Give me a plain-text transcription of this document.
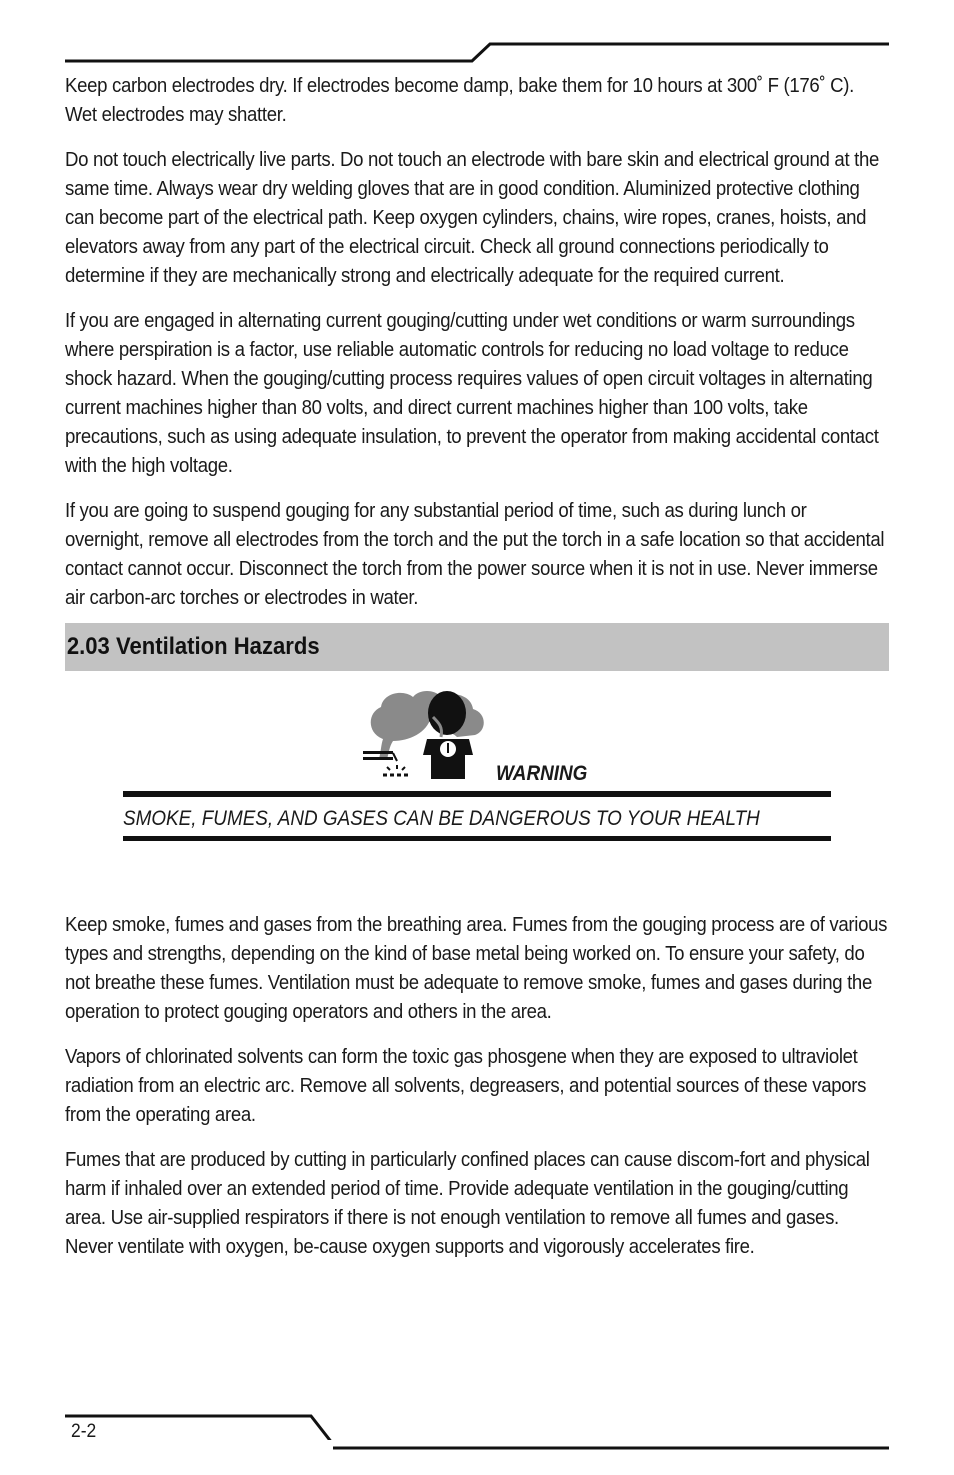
Keep carbon electrodes dry. If electrodes become damp, bake them for 10 hours at 300˚ F (176˚ C). Wet electrodes may shatter.

Do not touch electrically live parts. Do not touch an electrode with bare skin and electrical ground at the same time. Always wear dry welding gloves that are in good condition. Aluminized protective clothing can become part of the electrical path. Keep oxygen cylinders, chains, wire ropes, cranes, hoists, and elevators away from any part of the electrical circuit. Check all ground connections periodically to determine if they are mechanically strong and electrically adequate for the required current.

If you are engaged in alternating current gouging/cutting under wet conditions or warm surroundings where perspiration is a factor, use reliable automatic controls for reducing no load voltage to reduce shock hazard. When the gouging/cutting process requires values of open circuit voltages in alternating current machines higher than 80 volts, and direct current machines higher than 100 volts, take precautions, such as using adequate insulation, to prevent the operator from making accidental contact with the high voltage.

If you are going to suspend gouging for any substantial period of time, such as during lunch or overnight, remove all electrodes from the torch and the put the torch in a safe location so that accidental contact cannot occur. Disconnect the torch from the power source when it is not in use. Never immerse air carbon-arc torches or electrodes in water.

2.03 Ventilation Hazards
WARNING
SMOKE, FUMES, AND GASES CAN BE DANGEROUS TO YOUR HEALTH

Keep smoke, fumes and gases from the breathing area. Fumes from the gouging process are of various types and strengths, depending on the kind of base metal being worked on. To ensure your safety, do not breathe these fumes. Ventilation must be adequate to remove smoke, fumes and gases during the operation to protect gouging operators and others in the area.

Vapors of chlorinated solvents can form the toxic gas phosgene when they are exposed to ultraviolet radiation from an electric arc. Remove all solvents, degreasers, and potential sources of these vapors from the operating area.

Fumes that are produced by cutting in particularly confined places can cause discom-fort and physical harm if inhaled over an extended period of time. Provide adequate ventilation in the gouging/cutting area. Use air-supplied respirators if there is not enough ventilation to remove all fumes and gases. Never ventilate with oxygen, be-cause oxygen supports and vigorously accelerates fire.

2-2
